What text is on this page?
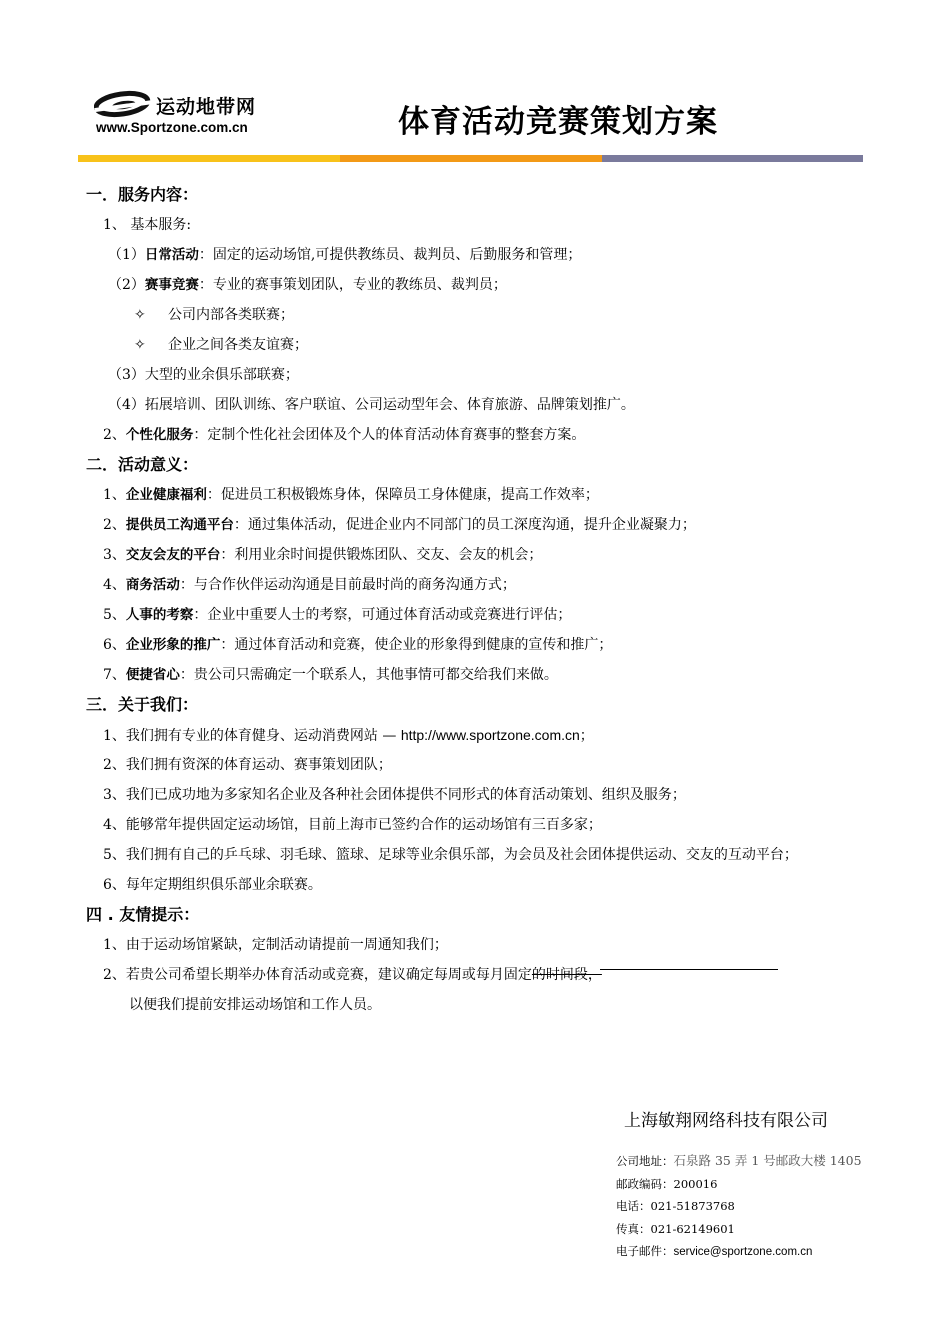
运动地带网
www.Sportzone.com.cn	体育活动竞赛策划方案
一．服务内容：
1、 基本服务:
（1）日常活动：固定的运动场馆,可提供教练员、裁判员、后勤服务和管理；
（2）赛事竞赛：专业的赛事策划团队，专业的教练员、裁判员；
✧ 公司内部各类联赛；
✧ 企业之间各类友谊赛；
（3）大型的业余俱乐部联赛；
（4）拓展培训、团队训练、客户联谊、公司运动型年会、体育旅游、品牌策划推广。
2、个性化服务：定制个性化社会团体及个人的体育活动体育赛事的整套方案。
二．活动意义：
1、企业健康福利：促进员工积极锻炼身体，保障员工身体健康，提高工作效率；
2、提供员工沟通平台：通过集体活动，促进企业内不同部门的员工深度沟通，提升企业凝聚力；
3、交友会友的平台：利用业余时间提供锻炼团队、交友、会友的机会；
4、商务活动：与合作伙伴运动沟通是目前最时尚的商务沟通方式；
5、人事的考察：企业中重要人士的考察，可通过体育活动或竞赛进行评估；
6、企业形象的推广：通过体育活动和竞赛，使企业的形象得到健康的宣传和推广；
7、便捷省心：贵公司只需确定一个联系人，其他事情可都交给我们来做。
三．关于我们：
1、我们拥有专业的体育健身、运动消费网站 — http://www.sportzone.com.cn；
2、我们拥有资深的体育运动、赛事策划团队；
3、我们已成功地为多家知名企业及各种社会团体提供不同形式的体育活动策划、组织及服务；
4、能够常年提供固定运动场馆，目前上海市已签约合作的运动场馆有三百多家；
5、我们拥有自己的乒乓球、羽毛球、篮球、足球等业余俱乐部，为会员及社会团体提供运动、交友的互动平台；
6、每年定期组织俱乐部业余联赛。
四 . 友情提示：
1、由于运动场馆紧缺，定制活动请提前一周通知我们；
2、若贵公司希望长期举办体育活动或竞赛，建议确定每周或每月固定的时间段，
以便我们提前安排运动场馆和工作人员。
上海敏翔网络科技有限公司
公司地址：石泉路 35 弄 1 号邮政大楼 1405
邮政编码：200016
电话：021-51873768
传真：021-62149601
电子邮件：service@sportzone.com.cn
